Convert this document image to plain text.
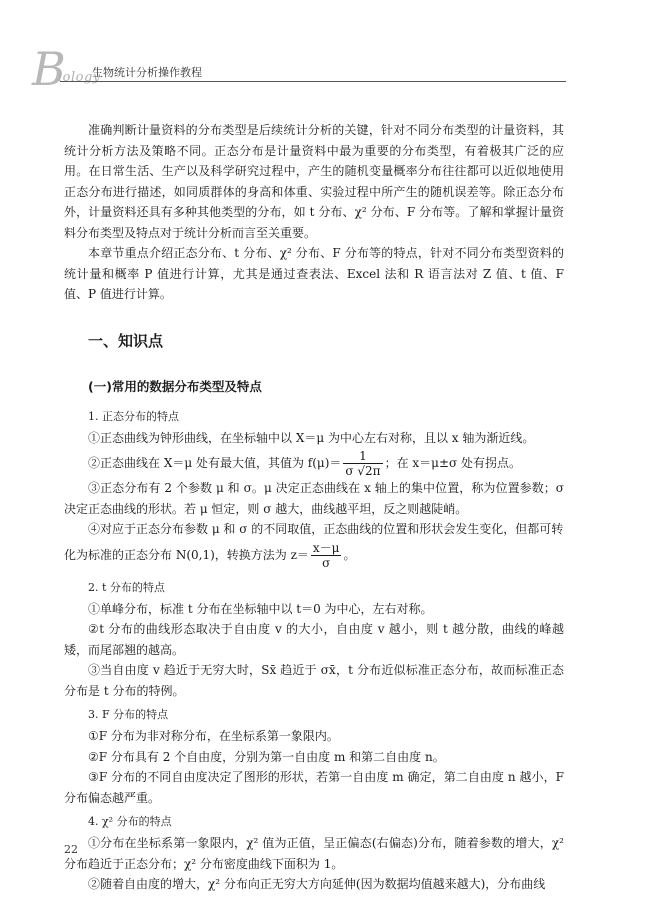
B
iology
生物统计分析操作教程

准确判断计量资料的分布类型是后续统计分析的关键，针对不同分布类型的计量资料，其统计分析方法及策略不同。正态分布是计量资料中最为重要的分布类型，有着极其广泛的应用。在日常生活、生产以及科学研究过程中，产生的随机变量概率分布往往都可以近似地使用正态分布进行描述，如同质群体的身高和体重、实验过程中所产生的随机误差等。除正态分布外，计量资料还具有多种其他类型的分布，如 t 分布、χ² 分布、F 分布等。了解和掌握计量资料分布类型及特点对于统计分析而言至关重要。

本章节重点介绍正态分布、t 分布、χ² 分布、F 分布等的特点，针对不同分布类型资料的统计量和概率 P 值进行计算，尤其是通过查表法、Excel 法和 R 语言法对 Z 值、t 值、F 值、P 值进行计算。

一、知识点
(一)常用的数据分布类型及特点
1. 正态分布的特点

①正态曲线为钟形曲线，在坐标轴中以 X＝μ 为中心左右对称，且以 x 轴为渐近线。

②正态曲线在 X＝μ 处有最大值，其值为 $f(\mu)= \frac{1}{\sigma √2\pi}$ ；在 x＝μ±σ 处有拐点。

③正态分布有 2 个参数 μ 和 σ。μ 决定正态曲线在 x 轴上的集中位置，称为位置参数；σ 决定正态曲线的形状。若 μ 恒定，则 σ 越大，曲线越平坦，反之则越陡峭。

④对应于正态分布参数 μ 和 σ 的不同取值，正态曲线的位置和形状会发生变化，但都可转

化为标准的正态分布 N(0,1)，转换方法为 $z= \frac{x-\mu}{\sigma}$ 。

2. t 分布的特点

①单峰分布，标准 t 分布在坐标轴中以 t＝0 为中心，左右对称。

②t 分布的曲线形态取决于自由度 v 的大小，自由度 v 越小，则 t 越分散，曲线的峰越矮，而尾部翘的越高。

③当自由度 v 趋近于无穷大时，Sx̄ 趋近于 σx̄，t 分布近似标准正态分布，故而标准正态分布是 t 分布的特例。

3. F 分布的特点

①F 分布为非对称分布，在坐标系第一象限内。

②F 分布具有 2 个自由度，分别为第一自由度 m 和第二自由度 n。

③F 分布的不同自由度决定了图形的形状，若第一自由度 m 确定，第二自由度 n 越小，F 分布偏态越严重。

4. χ² 分布的特点

①分布在坐标系第一象限内，χ² 值为正值，呈正偏态(右偏态)分布，随着参数的增大，χ² 分布趋近于正态分布；χ² 分布密度曲线下面积为 1。

②随着自由度的增大，χ² 分布向正无穷大方向延伸(因为数据均值越来越大)，分布曲线

22
